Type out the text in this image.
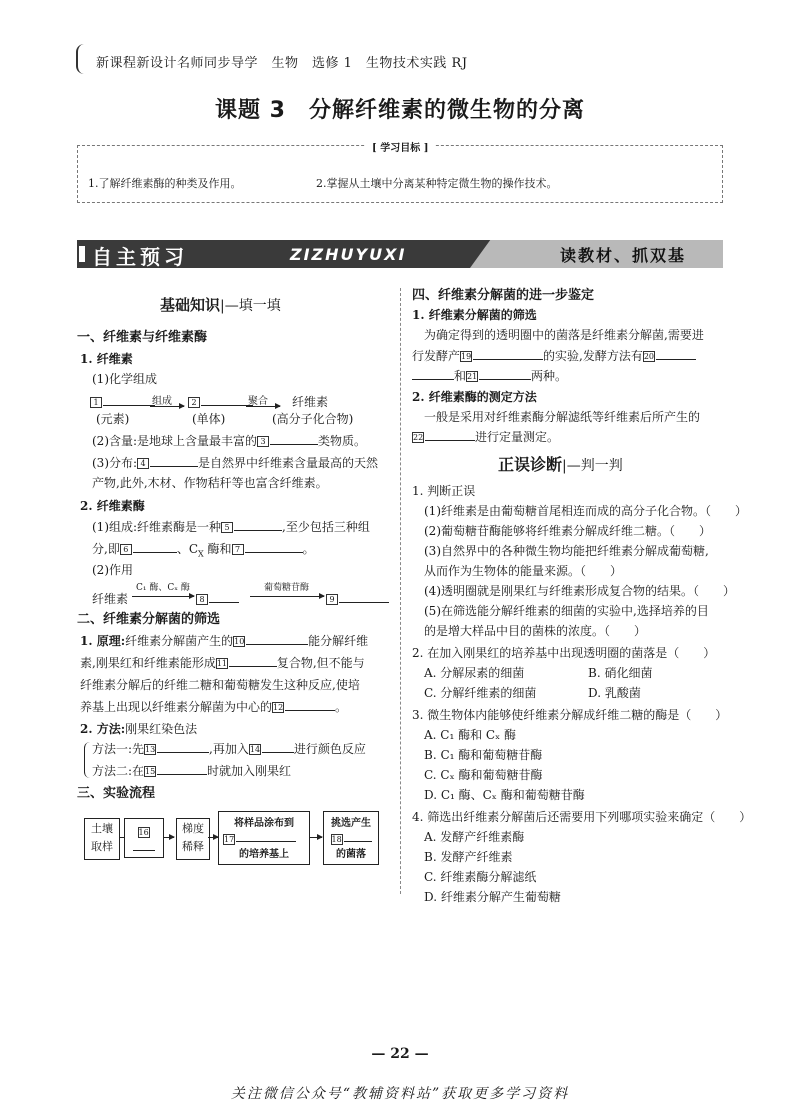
新课程新设计名师同步导学　生物　选修 1　生物技术实践 RJ
课题 3　分解纤维素的微生物的分离
[ 学习目标 ]
1.了解纤维素酶的种类及作用。	2.掌握从土壤中分离某种特定微生物的操作技术。
自主预习	ZIZHUYUXI	读教材、抓双基
基础知识|—填一填
一、纤维素与纤维素酶
1. 纤维素
(1)化学组成
1	组成	2	聚合 纤维素
(元素)	(单体)	(高分子化合物)
(2)含量:是地球上含量最丰富的 3	类物质。
(3)分布: 4	是自然界中纤维素含量最高的天然
产物,此外,木材、作物秸秆等也富含纤维素。
2. 纤维素酶
(1)组成:纤维素酶是一种 5	,至少包括三种组
分,即 6	、$C_X$ 酶和 7	。
(2)作用
纤维素
C₁ 酶、Cₓ 酶
8
葡萄糖苷酶
9
二、纤维素分解菌的筛选
1. 原理:纤维素分解菌产生的10	能分解纤维
素,刚果红和纤维素能形成11	复合物,但不能与
纤维素分解后的纤维二糖和葡萄糖发生这种反应,使培
养基上出现以纤维素分解菌为中心的12	。
2. 方法:刚果红染色法
方法一:先13	,再加入14	进行颜色反应
方法二:在15	时就加入刚果红
三、实验流程
土壤取样
16	梯度稀释
将样品涂布到
17
的培养基上
挑选产生
18
的菌落
四、纤维素分解菌的进一步鉴定
1. 纤维素分解菌的筛选
为确定得到的透明圈中的菌落是纤维素分解菌,需要进
行发酵产19	的实验,发酵方法有20
和21	两种。
2. 纤维素酶的测定方法
一般是采用对纤维素酶分解滤纸等纤维素后所产生的
22	进行定量测定。
正误诊断|—判一判
1. 判断正误
(1)纤维素是由葡萄糖首尾相连而成的高分子化合物。（　　）
(2)葡萄糖苷酶能够将纤维素分解成纤维二糖。（　　）
(3)自然界中的各种微生物均能把纤维素分解成葡萄糖,
从而作为生物体的能量来源。（　　）
(4)透明圈就是刚果红与纤维素形成复合物的结果。（　　）
(5)在筛选能分解纤维素的细菌的实验中,选择培养的目
的是增大样品中目的菌株的浓度。（　　）
2. 在加入刚果红的培养基中出现透明圈的菌落是（　　）
A. 分解尿素的细菌	B. 硝化细菌
C. 分解纤维素的细菌	D. 乳酸菌
3. 微生物体内能够使纤维素分解成纤维二糖的酶是（　　）
A. C₁ 酶和 Cₓ 酶
B. C₁ 酶和葡萄糖苷酶
C. Cₓ 酶和葡萄糖苷酶
D. C₁ 酶、Cₓ 酶和葡萄糖苷酶
4. 筛选出纤维素分解菌后还需要用下列哪项实验来确定（　　）
A. 发酵产纤维素酶
B. 发酵产纤维素
C. 纤维素酶分解滤纸
D. 纤维素分解产生葡萄糖
— 22 —
关注微信公众号“教辅资料站”获取更多学习资料
